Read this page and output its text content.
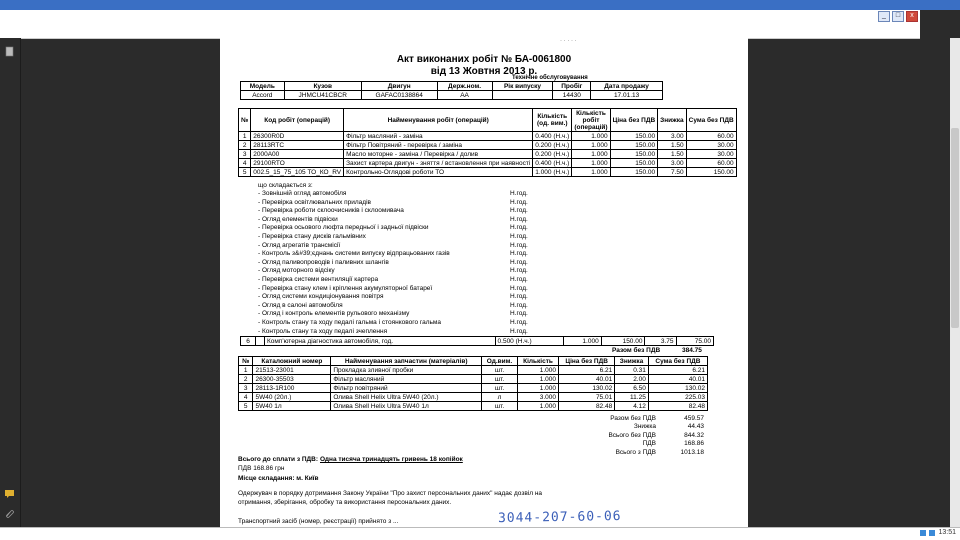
_	□	x
· · · · ·
Акт виконаних робіт № БА-0061800
від 13 Жовтня 2013 р.
Технічне обслуговування
Модель	Кузов	Двигун	Держ.ном.	Рік випуску	Пробіг	Дата продажу
Accord	JHMCU41CBCR	GAFAC0138864	AA		14430	17.01.13
№	Код робіт (операцій)	Найменування робіт (операцій)	Кількість (од. вим.)	Кількість робіт (операцій)	Ціна без ПДВ	Знижка	Сума без ПДВ
1	26300R0D	Фільтр масляний - заміна	0.400 (Н.ч.)	1.000	150.00	3.00	60.00
2	28113RTC	Фільтр Повітряний - перевірка / заміна	0.200 (Н.ч.)	1.000	150.00	1.50	30.00
3	2000A00	Масло моторне - заміна / Перевірка / долив	0.200 (Н.ч.)	1.000	150.00	1.50	30.00
4	29100RTO	Захист картера двигун - зняття / встановлення при наявності	0.400 (Н.ч.)	1.000	150.00	3.00	60.00
5	002.5_15_75_105 ТО_КО_RV	Контрольно-Оглядові роботи ТО	1.000 (Н.ч.)	1.000	150.00	7.50	150.00
що складається з:
- Зовнішній огляд автомобіля	Н.год.
- Перевірка освітлювальних приладів	Н.год.
- Перевірка роботи склоочисників і склоомивача	Н.год.
- Огляд елементів підвіски	Н.год.
- Перевірка осьового люфта передньої і задньої підвіски	Н.год.
- Перевірка стану дисків гальмівних	Н.год.
- Огляд агрегатів трансмісії	Н.год.
- Контроль з&#39;єднань системи випуску відпрацьованих газів	Н.год.
- Огляд паливопроводів і паливних шлангів	Н.год.
- Огляд моторного відсіку	Н.год.
- Перевірка системи вентиляції картера	Н.год.
- Перевірка стану клем і кріплення акумуляторної батареї	Н.год.
- Огляд системи кондиціонування повітря	Н.год.
- Огляд в салоні автомобіля	Н.год.
- Огляд і контроль елементів рульового механізму	Н.год.
- Контроль стану та ходу педалі гальма і стоянкового гальма	Н.год.
- Контроль стану та ходу педалі зчеплення	Н.год.
6		Комп'ютерна діагностика автомобіля, год.	0.500 (Н.ч.)	1.000	150.00	3.75	75.00
Разом без ПДВ	384.75
№	Каталожний номер	Найменування запчастин (матеріалів)	Од.вим.	Кількість	Ціна без ПДВ	Знижка	Сума без ПДВ
1	21513-23001	Прокладка зливної пробки	шт.	1.000	6.21	0.31	6.21
2	26300-35503	Фільтр масляний	шт.	1.000	40.01	2.00	40.01
3	28113-1R100	Фільтр повітряний	шт.	1.000	130.02	6.50	130.02
4	5W40 (20л.)	Олива Shell Helix Ultra 5W40 (20л.)	л	3.000	75.01	11.25	225.03
5	5W40 1л	Олива Shell Helix Ultra 5W40 1л	шт.	1.000	82.48	4.12	82.48
Разом без ПДВ	459.57
Знижка	44.43
Всього без ПДВ	844.32
ПДВ	168.86
Всього з ПДВ	1013.18
Всього до сплати з ПДВ: Одна тисяча тринадцять гривень 18 копійок
ПДВ 168.86 грн
Місце складання: м. Київ
Одержувач в порядку дотримання Закону України "Про захист персональних даних" надає дозвіл на отримання, зберігання, обробку та використання персональних даних.
Транспортний засіб (номер, реєстрації) прийнято з ...	3044-207-60-06
13:51
